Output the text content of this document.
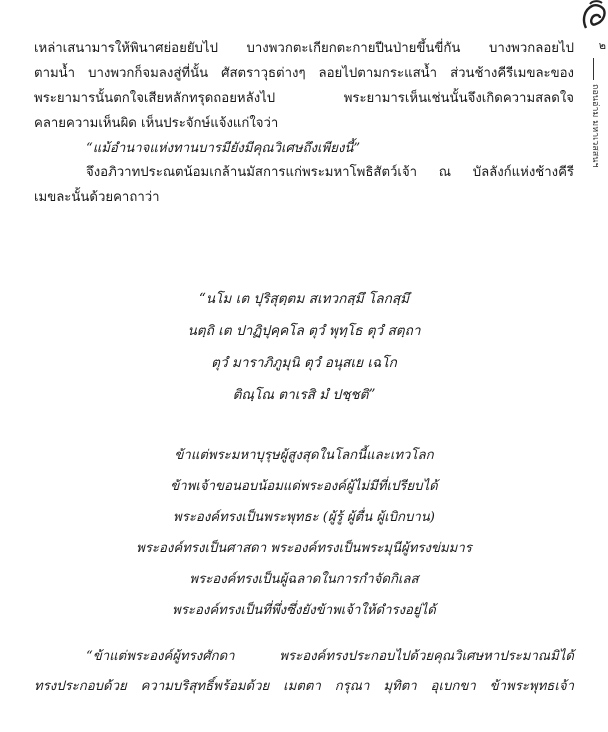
เหล่าเสนามารให้พินาศย่อยยับไป บางพวกตะเกียกตะกายปีนป่ายขึ้นขี่กัน บางพวกลอยไป
ตามน้ำ บางพวกก็จมลงสู่ที่นั้น ศัสตราวุธต่างๆ ลอยไปตามกระแสน้ำ ส่วนช้างคีรีเมขละของ
พระยามารนั้นตกใจเสียหลักทรุดถอยหลังไป พระยามารเห็นเช่นนั้นจึงเกิดความสลดใจ
คลายความเห็นผิด เห็นประจักษ์แจ้งแก่ใจว่า

“แม้อำนาจแห่งทานบารมียังมีคุณวิเศษถึงเพียงนี้”

จึงอภิวาทประณตน้อมเกล้านมัสการแก่พระมหาโพธิสัตว์เจ้า ณ บัลลังก์แห่งช้างคีรี
เมขละนั้นด้วยคาถาว่า

“นโม เต ปุริสุตฺตม สเทวกสฺมึ โลกสฺมึ
นตฺถิ เต ปาฏิปุคฺคโล ตุวํ พุทฺโธ ตุวํ สตฺถา
ตุวํ มาราภิภูมุนิ ตุวํ อนุสเย เฉโก
ติณฺโณ ตาเรสิ มํ ปชฺชติ”
ข้าแต่พระมหาบุรุษผู้สูงสุดในโลกนี้และเทวโลก
ข้าพเจ้าขอนอบน้อมแด่พระองค์ผู้ไม่มีที่เปรียบได้
พระองค์ทรงเป็นพระพุทธะ (ผู้รู้ ผู้ตื่น ผู้เบิกบาน)
พระองค์ทรงเป็นศาสดา พระองค์ทรงเป็นพระมุนีผู้ทรงข่มมาร
พระองค์ทรงเป็นผู้ฉลาดในการกำจัดกิเลส
พระองค์ทรงเป็นที่พึ่งซึ่งยังข้าพเจ้าให้ดำรงอยู่ได้

“ข้าแต่พระองค์ผู้ทรงศักดา พระองค์ทรงประกอบไปด้วยคุณวิเศษหาประมาณมิได้
ทรงประกอบด้วย ความบริสุทธิ์พร้อมด้วย เมตตา กรุณา มุทิตา อุเบกขา ข้าพระพุทธเจ้า

๒
ถอนอ่าม มหาเวสสนฯ
